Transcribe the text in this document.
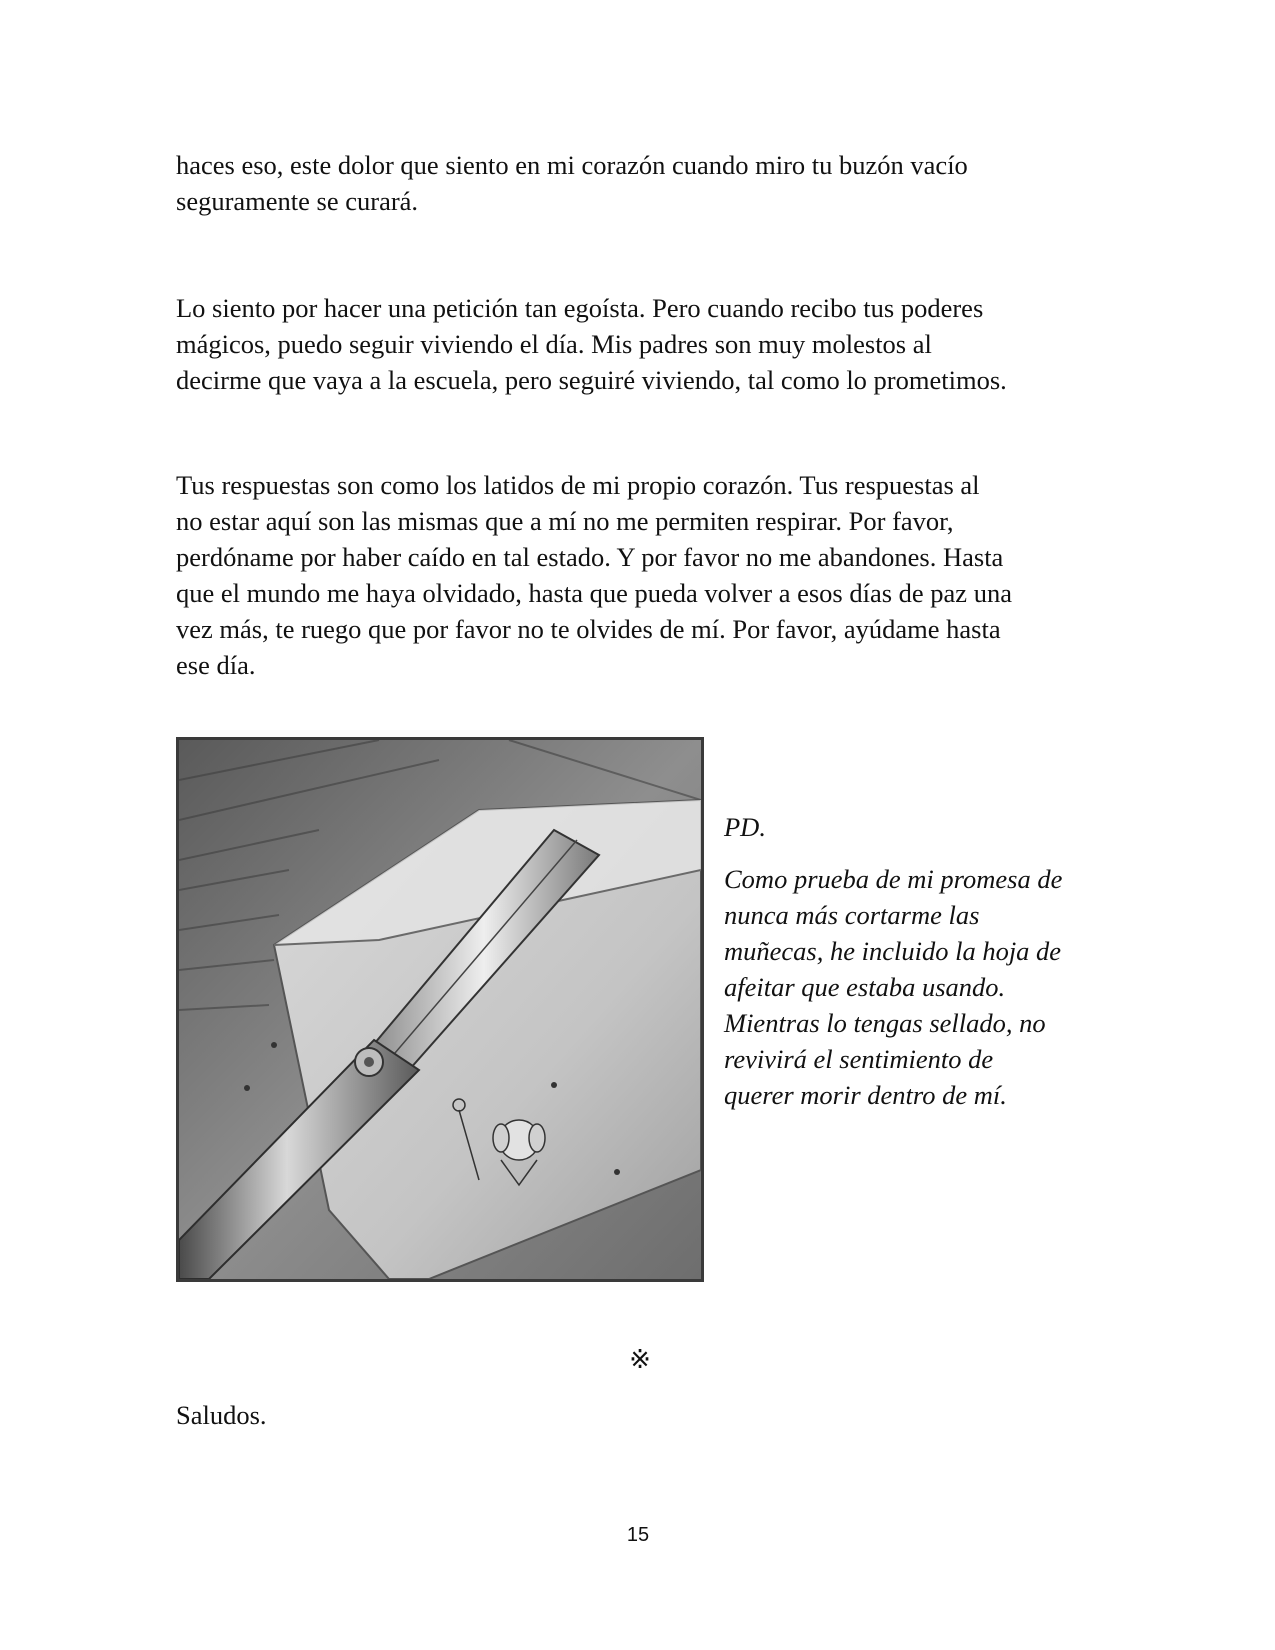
haces eso, este dolor que siento en mi corazón cuando miro tu buzón vacío
seguramente se curará.

Lo siento por hacer una petición tan egoísta. Pero cuando recibo tus poderes
mágicos, puedo seguir viviendo el día. Mis padres son muy molestos al
decirme que vaya a la escuela, pero seguiré viviendo, tal como lo prometimos.

Tus respuestas son como los latidos de mi propio corazón. Tus respuestas al
no estar aquí son las mismas que a mí no me permiten respirar. Por favor,
perdóname por haber caído en tal estado. Y por favor no me abandones. Hasta
que el mundo me haya olvidado, hasta que pueda volver a esos días de paz una
vez más, te ruego que por favor no te olvides de mí. Por favor, ayúdame hasta
ese día.

PD.

Como prueba de mi promesa de
nunca más cortarme las
muñecas, he incluido la hoja de
afeitar que estaba usando.
Mientras lo tengas sellado, no
revivirá el sentimiento de
querer morir dentro de mí.

※

Saludos.

15
